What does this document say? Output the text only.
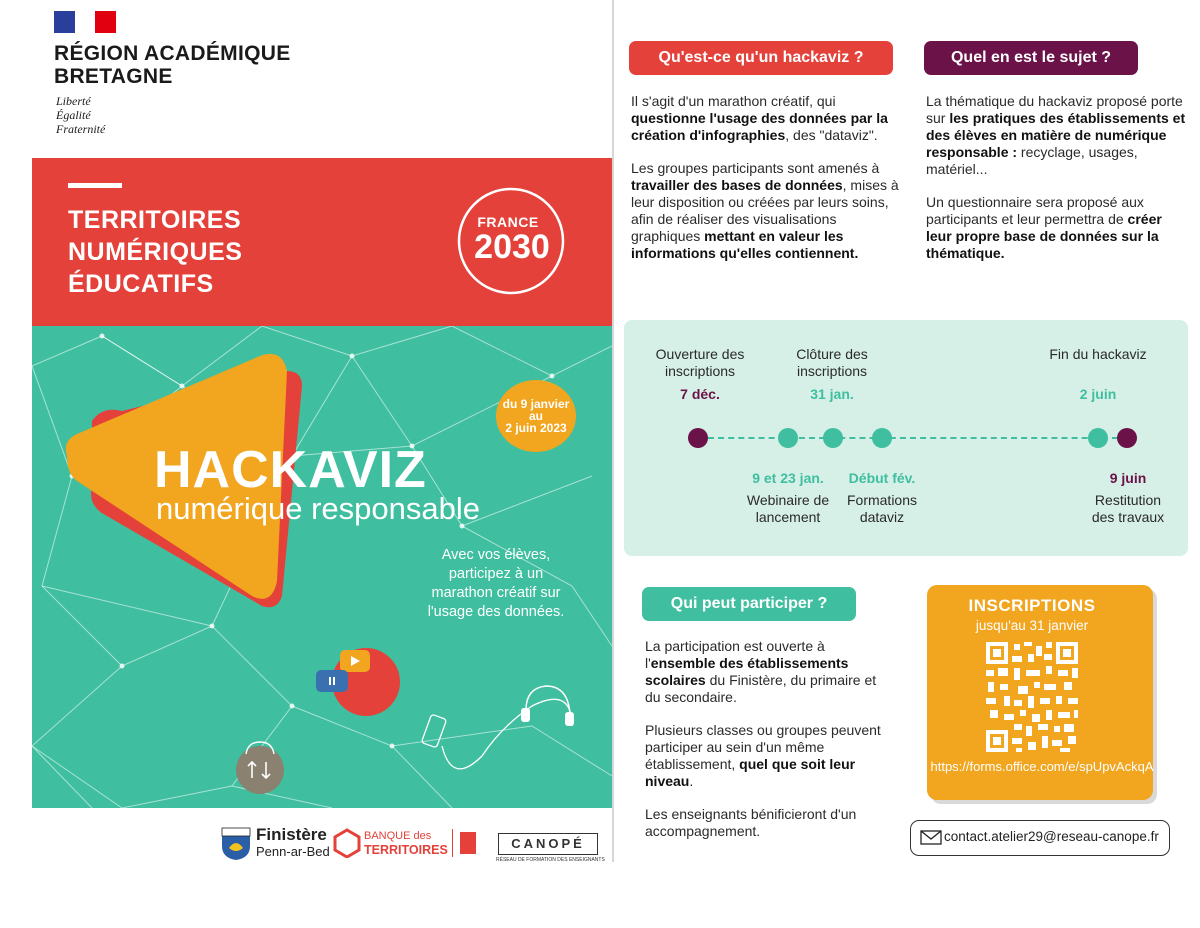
RÉGION ACADÉMIQUE
BRETAGNE
Liberté
Égalité
Fraternité
TERRITOIRES
NUMÉRIQUES
ÉDUCATIFS
FRANCE
2030
du 9 janvier
au
2 juin 2023
HACKAVIZ
numérique responsable
Avec vos élèves, participez à un marathon créatif sur l'usage des données.
Finistère
Penn-ar-Bed
BANQUE des
TERRITOIRES	CANOPÉ
RÉSEAU DE FORMATION DES ENSEIGNANTS
Qu'est-ce qu'un hackaviz ?

Il s'agit d'un marathon créatif, qui questionne l'usage des données par la création d'infographies, des "dataviz".

Les groupes participants sont amenés à travailler des bases de données, mises à leur disposition ou créées par leurs soins, afin de réaliser des visualisations graphiques mettant en valeur les informations qu'elles contiennent.

Quel en est le sujet ?

La thématique du hackaviz proposé porte sur les pratiques des établissements et des élèves en matière de numérique responsable : recyclage, usages, matériel...

Un questionnaire sera proposé aux participants et leur permettra de créer leur propre base de données sur la thématique.

Ouverture des inscriptions
7 déc.
Clôture des inscriptions
31 jan.
Fin du hackaviz
2 juin
9 et 23 jan.
Webinaire de lancement
Début fév.
Formations dataviz
9 juin
Restitution des travaux
Qui peut participer ?

La participation est ouverte à l'ensemble des établissements scolaires du Finistère, du primaire et du secondaire.

Plusieurs classes ou groupes peuvent participer au sein d'un même établissement, quel que soit leur niveau.

Les enseignants bénificieront d'un accompagnement.

INSCRIPTIONS
jusqu'au 31 janvier
https://forms.office.com/e/spUpvAckqA
contact.atelier29@reseau-canope.fr
